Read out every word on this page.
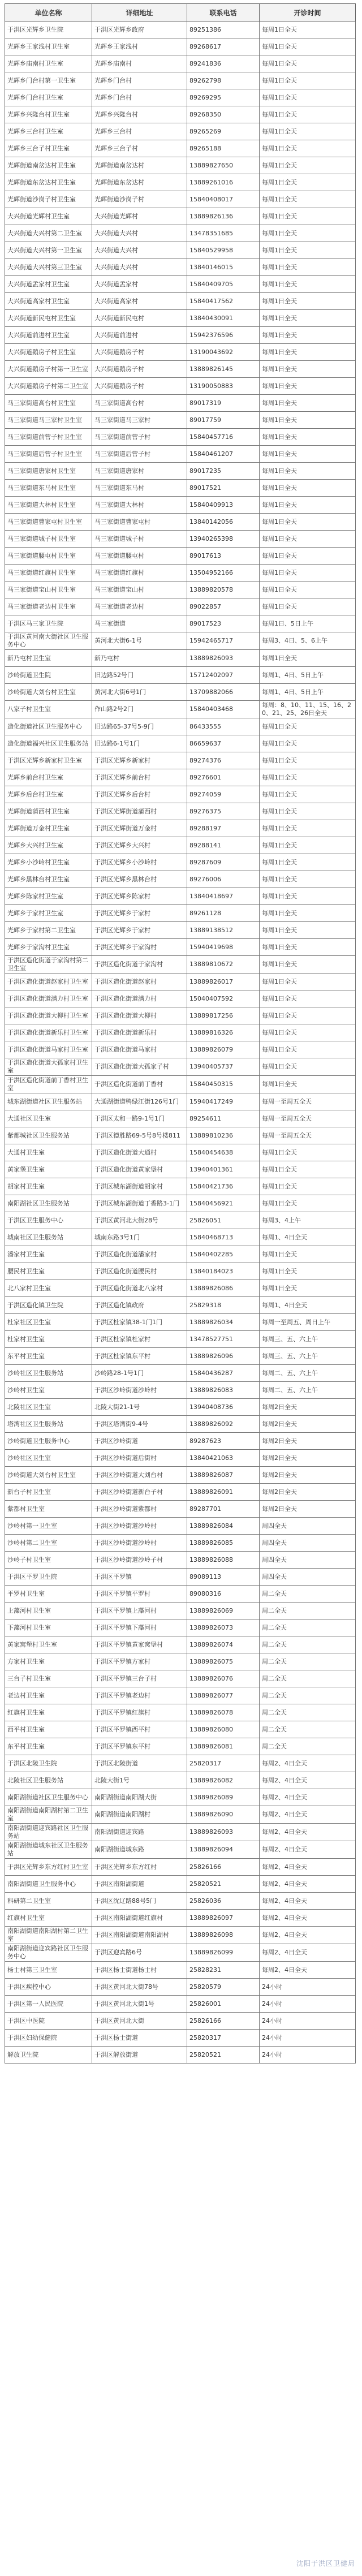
单位名称	详细地址	联系电话	开诊时间
于洪区光辉乡卫生院	于洪区光辉乡政府	89251386	每周1日全天
光辉乡王家浅村卫生室	光辉乡王家浅村	89268617	每周1日全天
光辉乡庙南村卫生室	光辉乡庙南村	89241836	每周1日全天
光辉乡门台村第一卫生室	光辉乡门台村	89262798	每周1日全天
光辉乡门台村卫生室	光辉乡门台村	89269295	每周1日全天
光辉乡兴隆台村卫生室	光辉乡兴隆台村	89268350	每周1日全天
光辉乡三台村卫生室	光辉乡三台村	89265269	每周1日全天
光辉乡三台子村卫生室	光辉乡三台子村	89265188	每周1日全天
光辉街道南岔达村卫生室	光辉街道南岔达村	13889827650	每周1日全天
光辉街道东岔达村卫生室	光辉街道东岔达村	13889261016	每周1日全天
光辉街道沙岗子村卫生室	光辉街道沙岗子村	15840408017	每周1日全天
大兴街道光辉村卫生室	大兴街道光辉村	13889826136	每周1日全天
大兴街道大兴村第二卫生室	大兴街道大兴村	13478351685	每周1日全天
大兴街道大兴村第一卫生室	大兴街道大兴村	15840529958	每周1日全天
大兴街道大兴村第三卫生室	大兴街道大兴村	13840146015	每周1日全天
大兴街道孟家村卫生室	大兴街道孟家村	15840409705	每周1日全天
大兴街道高家村卫生室	大兴街道高家村	15840417562	每周1日全天
大兴街道新民屯村卫生室	大兴街道新民屯村	13840430091	每周1日全天
大兴街道前进村卫生室	大兴街道前进村	15942376596	每周1日全天
大兴街道鹅房子村卫生室	大兴街道鹅房子村	13190043692	每周1日全天
大兴街道鹅房子村第一卫生室	大兴街道鹅房子村	13889826145	每周1日全天
大兴街道鹅房子村第二卫生室	大兴街道鹅房子村	13190050883	每周1日全天
马三家街道高台村卫生室	马三家街道高台村	89017319	每周1日全天
马三家街道马三家村卫生室	马三家街道马三家村	89017759	每周1日全天
马三家街道前营子村卫生室	马三家街道前营子村	15840457716	每周1日全天
马三家街道后营子村卫生室	马三家街道后营子村	15840461207	每周1日全天
马三家街道唐家村卫生室	马三家街道唐家村	89017235	每周1日全天
马三家街道东马村卫生室	马三家街道东马村	89017521	每周1日全天
马三家街道大林村卫生室	马三家街道大林村	15840409913	每周1日全天
马三家街道曹家屯村卫生室	马三家街道曹家屯村	13840142056	每周1日全天
马三家街道城子村卫生室	马三家街道城子村	13940265398	每周1日全天
马三家街道腰屯村卫生室	马三家街道腰屯村	89017613	每周1日全天
马三家街道红旗村卫生室	马三家街道红旗村	13504952166	每周1日全天
马三家街道宝山村卫生室	马三家街道宝山村	13889820578	每周1日全天
马三家街道老边村卫生室	马三家街道老边村	89022857	每周1日全天
于洪区马三家卫生院	马三家街道	89017523	每周1日、5日上午
于洪区黄河南大街社区卫生服务中心	黄河北大街6-1号	15942465717	每周3、4日、5、6上午
新乃屯村卫生室	新乃屯村	13889826093	每周1日全天
沙岭街道卫生院	旧边路52号门	15712402097	每周1、4日、5日上午
沙岭街道大刘台村卫生室	黄河北大街6号1门	13709882066	每周1、4日、5日上午
八家子村卫生室	作山路2号2门	15840403468	每周：8、10、11、15、16、20、21、25、26日全天
造化街道社区卫生服务中心	旧边路65-37号5-9门	86433555	每周1日全天
造化街道福兴社区卫生服务站	旧边路6-1号1门	86659637	每周1日全天
于洪区光辉乡新家村卫生室	于洪区光辉乡新家村	89274376	每周1日全天
光辉乡前台村卫生室	于洪区光辉乡前台村	89276601	每周1日全天
光辉乡后台村卫生室	于洪区光辉乡后台村	89274059	每周1日全天
光辉街道蒲西村卫生室	于洪区光辉街道蒲西村	89276375	每周1日全天
光辉街道万金村卫生室	于洪区光辉街道万金村	89288197	每周1日全天
光辉乡大兴村卫生室	于洪区光辉乡大兴村	89288141	每周1日全天
光辉乡小沙岭村卫生室	于洪区光辉乡小沙岭村	89287609	每周1日全天
光辉乡黑林台村卫生室	于洪区光辉乡黑林台村	89276006	每周1日全天
光辉乡陈家村卫生室	于洪区光辉乡陈家村	13840418697	每周1日全天
光辉乡于家村卫生室	于洪区光辉乡于家村	89261128	每周1日全天
光辉乡于家村第二卫生室	于洪区光辉乡于家村	13889138512	每周1日全天
光辉乡于家沟村卫生室	于洪区光辉乡于家沟村	15940419698	每周1日全天
于洪区造化街道于家沟村第二卫生室	于洪区造化街道于家沟村	13889810672	每周1日全天
于洪区造化街道赵家村卫生室	于洪区造化街道赵家村	13889826017	每周1日全天
于洪区造化街道满力村卫生室	于洪区造化街道满力村	15040407592	每周1日全天
于洪区造化街道大柳村卫生室	于洪区造化街道大柳村	13889817256	每周1日全天
于洪区造化街道新乐村卫生室	于洪区造化街道新乐村	13889816326	每周1日全天
于洪区造化街道马家村卫生室	于洪区造化街道马家村	13889826079	每周1日全天
于洪区造化街道大孤家村卫生室	于洪区造化街道大孤家子村	13940405737	每周1日全天
于洪区造化街道前丁香村卫生室	于洪区造化街道前丁香村	15840450315	每周1日全天
城东湖街道社区卫生服务站	大通湖街道鸭绿江街126号1门	15940417249	每周一至周五全天
大通社区卫生室	于洪区太和一路9-1号1门	89254611	每周一至周五全天
紫都城社区卫生服务站	于洪区德胜路69-5号8号楼811	13889810236	每周一至周五全天
大通村卫生室	于洪区造化街道大通村	15840454638	每周1日全天
黄家堡卫生室	于洪区造化街道黄家堡村	13940401361	每周1日全天
胡家村卫生室	于洪区城东湖街道胡家村	15840421736	每周1日全天
南阳湖社区卫生服务站	于洪区城东湖街道丁香路3-1门	15840456921	每周1日全天
于洪区卫生服务中心	于洪区黄河北大街28号	25826051	每周3、4上午
城南社区卫生服务站	城南东路3号1门	15840468713	每周1、4日全天
潘家村卫生室	于洪区造化街道潘家村	15840402285	每周1日全天
腰民村卫生室	于洪区造化街道腰民村	13840184023	每周1日全天
北八家村卫生室	于洪区造化街道北八家村	13889826086	每周1日全天
于洪区造化镇卫生院	于洪区造化镇政府	25829318	每周1、4日全天
杜家社区卫生室	于洪区杜家镇38-1门1门	13889826034	每周一至周五、周日上午
杜家村卫生室	于洪区杜家镇杜家村	13478527751	每周三、五、六上午
东平村卫生室	于洪区杜家镇东平村	13889826096	每周三、五、六上午
沙岭社区卫生服务站	沙岭路28-1号1门	15840436287	每周二、五、六上午
沙岭村卫生室	于洪区沙岭街道沙岭村	13889826083	每周二、五、六上午
北陵社区卫生室	北陵大街21-1号	13940408736	每周2日全天
塔湾社区卫生服务站	于洪区塔湾街9-4号	13889826092	每周2日全天
沙岭街道卫生服务中心	于洪区沙岭街道	89287623	每周2日全天
沙岭社区卫生室	于洪区沙岭街道后街村	13840421063	每周2日全天
沙岭街道大刘台村卫生室	于洪区沙岭街道大刘台村	13889826087	每周2日全天
新台子村卫生室	于洪区沙岭街道新台子村	13889826091	每周2日全天
紫都村卫生室	于洪区沙岭街道紫都村	89287701	每周2日全天
沙岭村第一卫生室	于洪区沙岭街道沙岭村	13889826084	周四全天
沙岭村第二卫生室	于洪区沙岭街道沙岭村	13889826085	周四全天
沙岭子村卫生室	于洪区沙岭街道沙岭子村	13889826088	周四全天
于洪区平罗卫生院	于洪区平罗镇	89089113	周四全天
平罗村卫生室	于洪区平罗镇平罗村	89080316	周二全天
上藻河村卫生室	于洪区平罗镇上藻河村	13889826069	周二全天
下藻河村卫生室	于洪区平罗镇下藻河村	13889826073	周二全天
黄家窝堡村卫生室	于洪区平罗镇黄家窝堡村	13889826074	周二全天
方家村卫生室	于洪区平罗镇方家村	13889826075	周二全天
三台子村卫生室	于洪区平罗镇三台子村	13889826076	周二全天
老边村卫生室	于洪区平罗镇老边村	13889826077	周二全天
红旗村卫生室	于洪区平罗镇红旗村	13889826078	周二全天
西平村卫生室	于洪区平罗镇西平村	13889826080	周二全天
东平村卫生室	于洪区平罗镇东平村	13889826081	周二全天
于洪区北陵卫生院	于洪区北陵街道	25820317	每周2、4日全天
北陵社区卫生服务站	北陵大街1号	13889826082	每周2、4日全天
南阳湖街道社区卫生服务中心	南阳湖街道南阳湖大街	13889826089	每周2、4日全天
南阳湖街道南阳湖村第二卫生室	南阳湖街道南阳湖村	13889826090	每周2、4日全天
南阳湖街道迎宾路社区卫生服务站	南阳湖街道迎宾路	13889826093	每周2、4日全天
南阳湖街道城东社区卫生服务站	南阳湖街道城东路	13889826094	每周2、4日全天
于洪区光辉乡东方红村卫生室	于洪区光辉乡东方红村	25826166	每周2、4日全天
南阳湖街道卫生服务中心	于洪区南阳湖街道	25820521	每周2、4日全天
科研第二卫生室	于洪区沈辽路88号5门	25826036	每周2、4日全天
红旗村卫生室	于洪区南阳湖街道红旗村	13889826097	每周2、4日全天
南阳湖街道南阳湖村第二卫生室	于洪区南阳湖街道南阳湖村	13889826098	每周2、4日全天
南阳湖街道迎宾路社区卫生服务中心	于洪区迎宾路6号	13889826099	每周2、4日全天
杨士村第三卫生室	于洪区杨士街道杨士村	25828231	每周2、4日全天
于洪区疾控中心	于洪区黄河北大街78号	25820579	24小时
于洪区第一人民医院	于洪区黄河北大街1号	25826001	24小时
于洪区中医院	于洪区黄河北大街	25826166	24小时
于洪区妇幼保健院	于洪区杨士街道	25820317	24小时
解放卫生院	于洪区解放街道	25820521	24小时
沈阳于洪区卫健局
